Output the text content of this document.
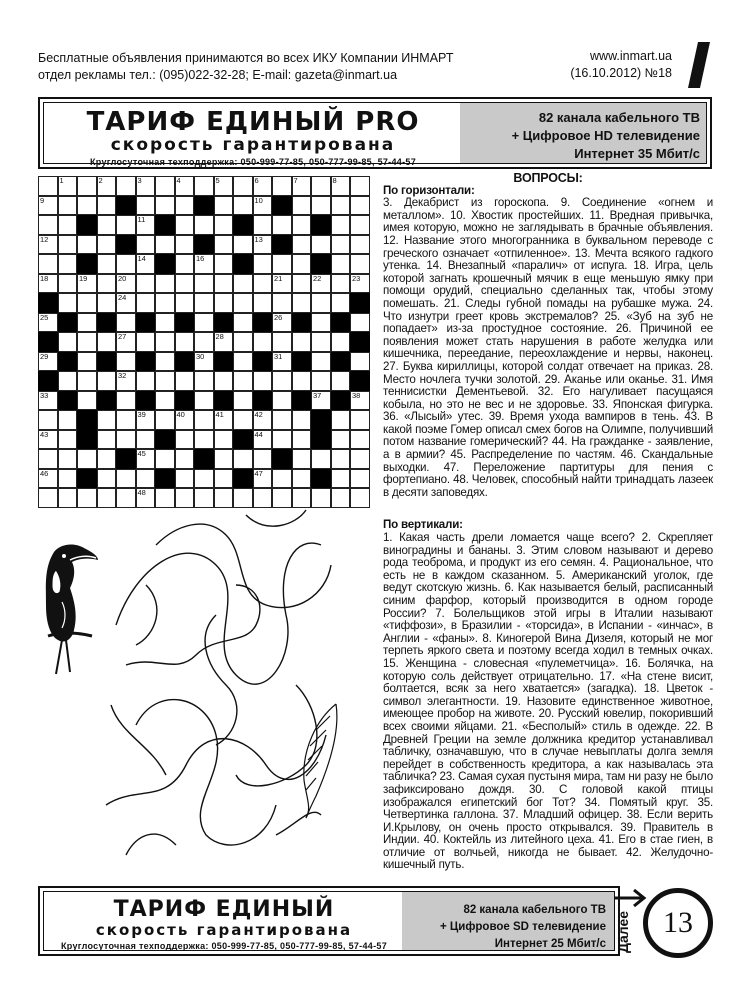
Бесплатные объявления принимаются во всех ИКУ Компании ИНМАРТ
отдел рекламы тел.: (095)022-32-28; E-mail: gazeta@inmart.ua
www.inmart.ua
(16.10.2012) №18
ТАРИФ ЕДИНЫЙ PRO
скорость гарантирована
Круглосуточная техподдержка: 050-999-77-85, 050-777-99-85, 57-44-57
82 канала кабельного ТВ
+ Цифровое HD телевидение
Интернет 35 Мбит/с
1	2	3	4	5	6	7	8
9	10
11
12	13
14	16
18	19	20	21	22	23
24
25	26
27	28
29	30	31
32
33	37	38
39	40	41	42
43	44
45
46	47
48
ВОПРОСЫ:
По горизонтали:
3. Декабрист из гороскопа. 9. Соединение «огнем и металлом». 10. Хвостик простейших. 11. Вредная привычка, имея которую, можно не заглядывать в брачные объявления. 12. Название этого многогранника в буквальном переводе с греческого означает «отпиленное». 13. Мечта всякого гадкого утенка. 14. Внезапный «паралич» от испуга. 18. Игра, цель которой загнать крошечный мячик в еще меньшую ямку при помощи орудий, специально сделанных так, чтобы этому помешать. 21. Следы губной помады на рубашке мужа. 24. Что изнутри греет кровь экстремалов? 25. «Зуб на зуб не попадает» из-за простудное состояние. 26. Причиной ее появления может стать нарушения в работе желудка или кишечника, переедание, переохлаждение и нервы, наконец. 27. Буква кириллицы, которой солдат отвечает на приказ. 28. Место ночлега тучки золотой. 29. Аканье или оканье. 31. Имя теннисистки Дементьевой. 32. Его нагуливает пасущаяся кобыла, но это не вес и не здоровье. 33. Японская фигурка. 36. «Лысый» утес. 39. Время ухода вампиров в тень. 43. В какой поэме Гомер описал смех богов на Олимпе, получивший потом название гомерический? 44. На гражданке - заявление, а в армии? 45. Распределение по частям. 46. Скандальные выходки. 47. Переложение партитуры для пения с фортепиано. 48. Человек, способный найти тринадцать лазеек в десяти заповедях.
По вертикали:
1. Какая часть дрели ломается чаще всего? 2. Скрепляет виноградины и бананы. 3. Этим словом называют и дерево рода теоброма, и продукт из его семян. 4. Рациональное, что есть не в каждом сказанном. 5. Американский уголок, где ведут скотскую жизнь. 6. Как называется белый, расписанный синим фарфор, который производится в одном городе России? 7. Болельщиков этой игры в Италии называют «тиффози», в Бразилии - «торсида», в Испании - «инчас», в Англии - «фаны». 8. Киногерой Вина Дизеля, который не мог терпеть яркого света и поэтому всегда ходил в темных очках. 15. Женщина - словесная «пулеметчица». 16. Болячка, на которую соль действует отрицательно. 17. «На стене висит, болтается, всяк за него хватается» (загадка). 18. Цветок - символ элегантности. 19. Назовите единственное животное, имеющее пробор на животе. 20. Русский ювелир, покоривший всех своими яйцами. 21. «Бесполый» стиль в одежде. 22. В Древней Греции на земле должника кредитор устанавливал табличку, означавшую, что в случае невыплаты долга земля перейдет в собственность кредитора, а как называлась эта табличка? 23. Самая сухая пустыня мира, там ни разу не было зафиксировано дождя. 30. С головой какой птицы изображался египетский бог Тот? 34. Помятый круг. 35. Четвертинка галлона. 37. Младший офицер. 38. Если верить И.Крылову, он очень просто открывался. 39. Правитель в Индии. 40. Коктейль из литейного цеха. 41. Его в стае гиен, в отличие от волчьей, никогда не бывает. 42. Желудочно-кишечный путь.
ТАРИФ ЕДИНЫЙ
скорость гарантирована
Круглосуточная техподдержка: 050-999-77-85, 050-777-99-85, 57-44-57
82 канала кабельного ТВ
+ Цифровое SD телевидение
Интернет 25 Мбит/с Далее	13
